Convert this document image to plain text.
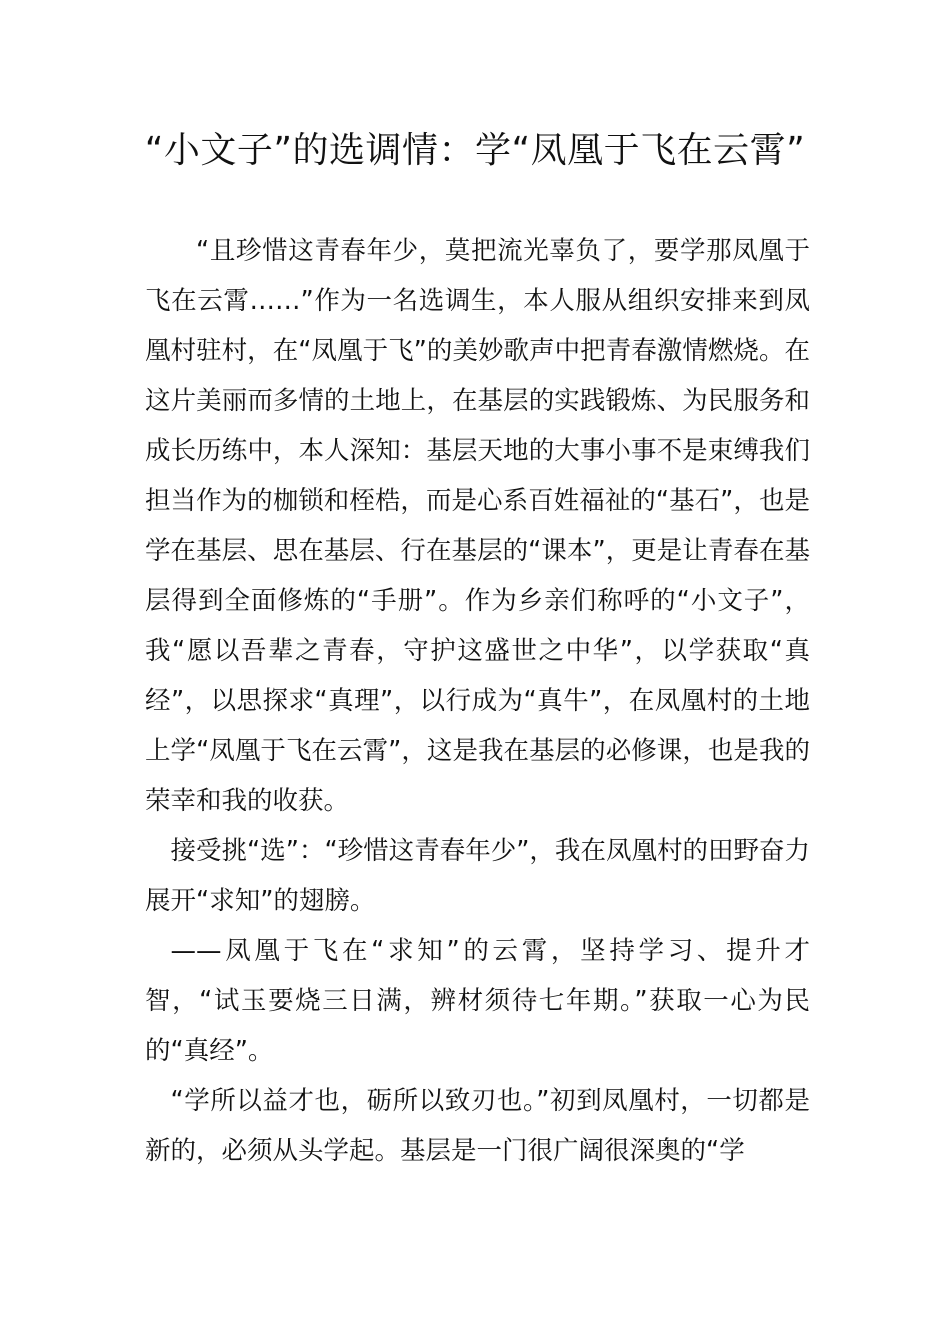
“小文子”的选调情：学“凤凰于飞在云霄”

“且珍惜这青春年少，莫把流光辜负了，要学那凤凰于飞在云霄……”作为一名选调生，本人服从组织安排来到凤凰村驻村，在“凤凰于飞”的美妙歌声中把青春激情燃烧。在这片美丽而多情的土地上，在基层的实践锻炼、为民服务和成长历练中，本人深知：基层天地的大事小事不是束缚我们担当作为的枷锁和桎梏，而是心系百姓福祉的“基石”，也是学在基层、思在基层、行在基层的“课本”，更是让青春在基层得到全面修炼的“手册”。作为乡亲们称呼的“小文子”，我“愿以吾辈之青春，守护这盛世之中华”，以学获取“真经”，以思探求“真理”，以行成为“真牛”，在凤凰村的土地上学“凤凰于飞在云霄”，这是我在基层的必修课，也是我的荣幸和我的收获。

接受挑“选”：“珍惜这青春年少”，我在凤凰村的田野奋力展开“求知”的翅膀。

——凤凰于飞在“求知”的云霄，坚持学习、提升才智，“试玉要烧三日满，辨材须待七年期。”获取一心为民的“真经”。

“学所以益才也，砺所以致刃也。”初到凤凰村，一切都是新的，必须从头学起。基层是一门很广阔很深奥的“学
